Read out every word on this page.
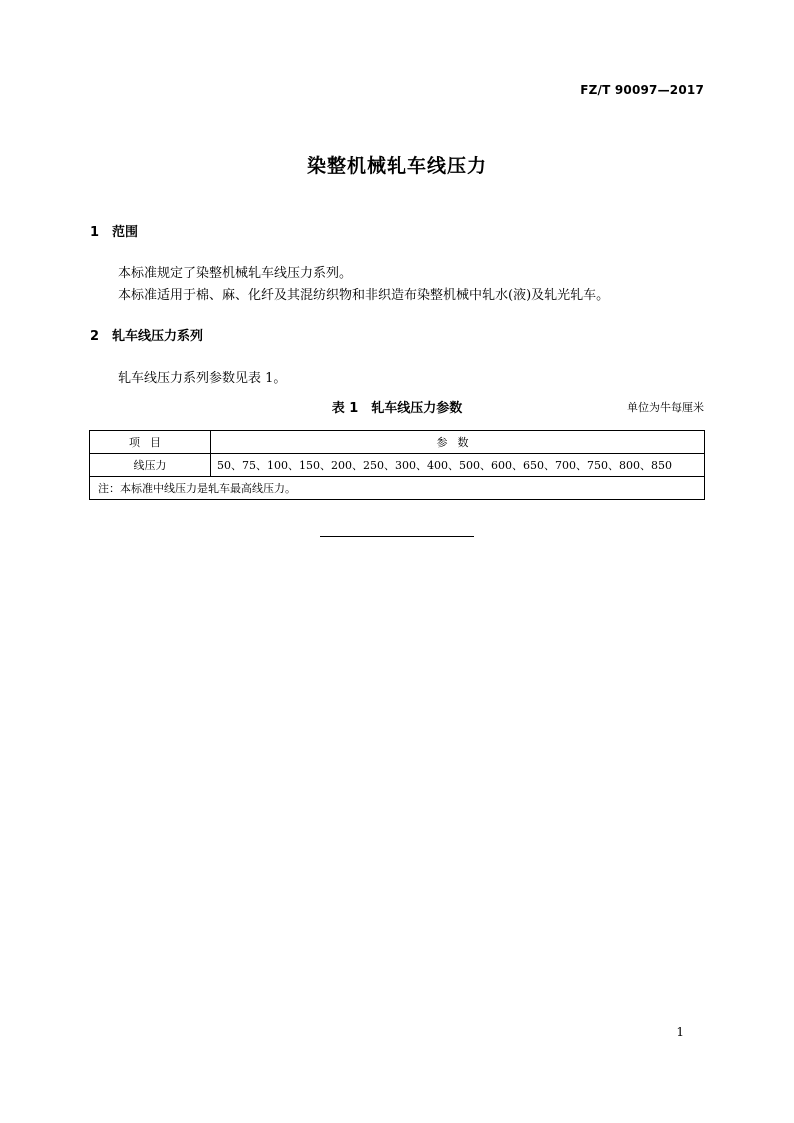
FZ/T 90097—2017
染整机械轧车线压力
1 范围
本标准规定了染整机械轧车线压力系列。
本标准适用于棉、麻、化纤及其混纺织物和非织造布染整机械中轧水(液)及轧光轧车。
2 轧车线压力系列
轧车线压力系列参数见表 1。
表 1　轧车线压力参数	单位为牛每厘米
项目	参数
线压力	50、75、100、150、200、250、300、400、500、600、650、700、750、800、850
注：本标准中线压力是轧车最高线压力。	
1
